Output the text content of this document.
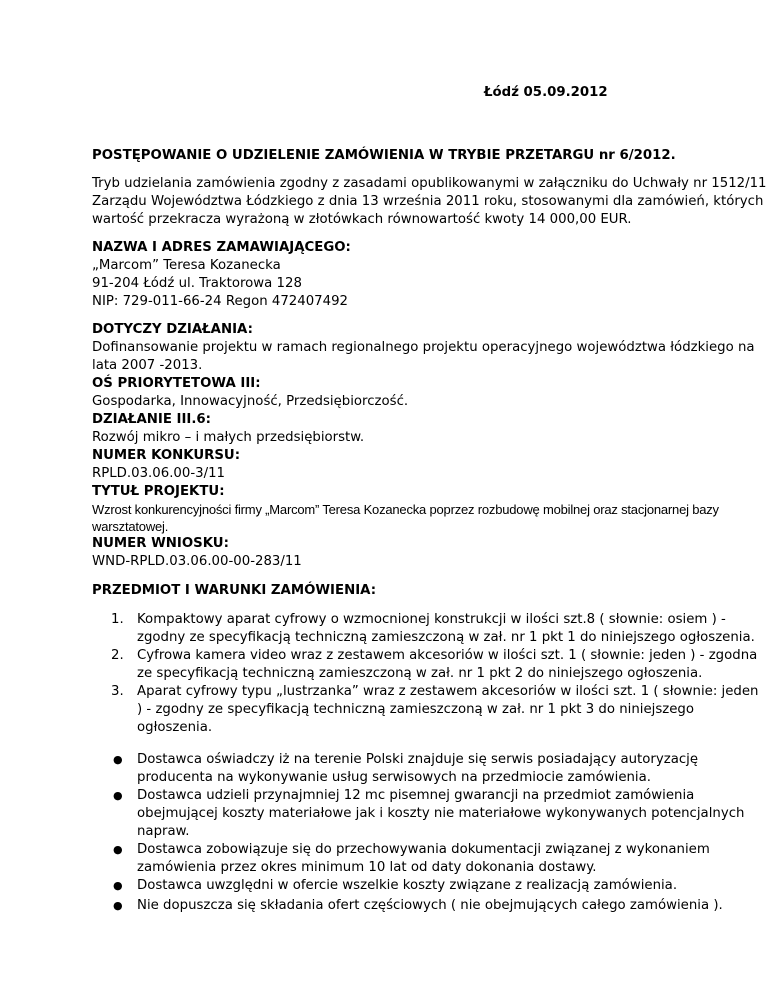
Łódź 05.09.2012
POSTĘPOWANIE O UDZIELENIE ZAMÓWIENIA W TRYBIE PRZETARGU nr 6/2012.
Tryb udzielania zamówienia zgodny z zasadami opublikowanymi w załączniku do Uchwały nr 1512/11
Zarządu Województwa Łódzkiego z dnia 13 września 2011 roku, stosowanymi dla zamówień, których
wartość przekracza wyrażoną w złotówkach równowartość kwoty 14 000,00 EUR.
NAZWA I ADRES ZAMAWIAJĄCEGO:
„Marcom” Teresa Kozanecka
91-204 Łódź ul. Traktorowa 128
NIP: 729-011-66-24 Regon 472407492
DOTYCZY DZIAŁANIA:
Dofinansowanie projektu w ramach regionalnego projektu operacyjnego województwa łódzkiego na
lata 2007 -2013.
OŚ PRIORYTETOWA III:
Gospodarka, Innowacyjność, Przedsiębiorczość.
DZIAŁANIE III.6:
Rozwój mikro – i małych przedsiębiorstw.
NUMER KONKURSU:
RPLD.03.06.00-3/11
TYTUŁ PROJEKTU:
Wzrost konkurencyjności firmy „Marcom” Teresa Kozanecka poprzez rozbudowę mobilnej oraz stacjonarnej bazy
warsztatowej.
NUMER WNIOSKU:
WND-RPLD.03.06.00-00-283/11
PRZEDMIOT I WARUNKI ZAMÓWIENIA:
1. Kompaktowy aparat cyfrowy o wzmocnionej konstrukcji w ilości szt.8 ( słownie: osiem ) -
zgodny ze specyfikacją techniczną zamieszczoną w zał. nr 1 pkt 1 do niniejszego ogłoszenia.
2. Cyfrowa kamera video wraz z zestawem akcesoriów w ilości szt. 1 ( słownie: jeden ) - zgodna
ze specyfikacją techniczną zamieszczoną w zał. nr 1 pkt 2 do niniejszego ogłoszenia.
3. Aparat cyfrowy typu „lustrzanka” wraz z zestawem akcesoriów w ilości szt. 1 ( słownie: jeden
) - zgodny ze specyfikacją techniczną zamieszczoną w zał. nr 1 pkt 3 do niniejszego
ogłoszenia.
● Dostawca oświadczy iż na terenie Polski znajduje się serwis posiadający autoryzację
producenta na wykonywanie usług serwisowych na przedmiocie zamówienia.
● Dostawca udzieli przynajmniej 12 mc pisemnej gwarancji na przedmiot zamówienia
obejmującej koszty materiałowe jak i koszty nie materiałowe wykonywanych potencjalnych
napraw.
● Dostawca zobowiązuje się do przechowywania dokumentacji związanej z wykonaniem
zamówienia przez okres minimum 10 lat od daty dokonania dostawy.
● Dostawca uwzględni w ofercie wszelkie koszty związane z realizacją zamówienia.
● Nie dopuszcza się składania ofert częściowych ( nie obejmujących całego zamówienia ).
